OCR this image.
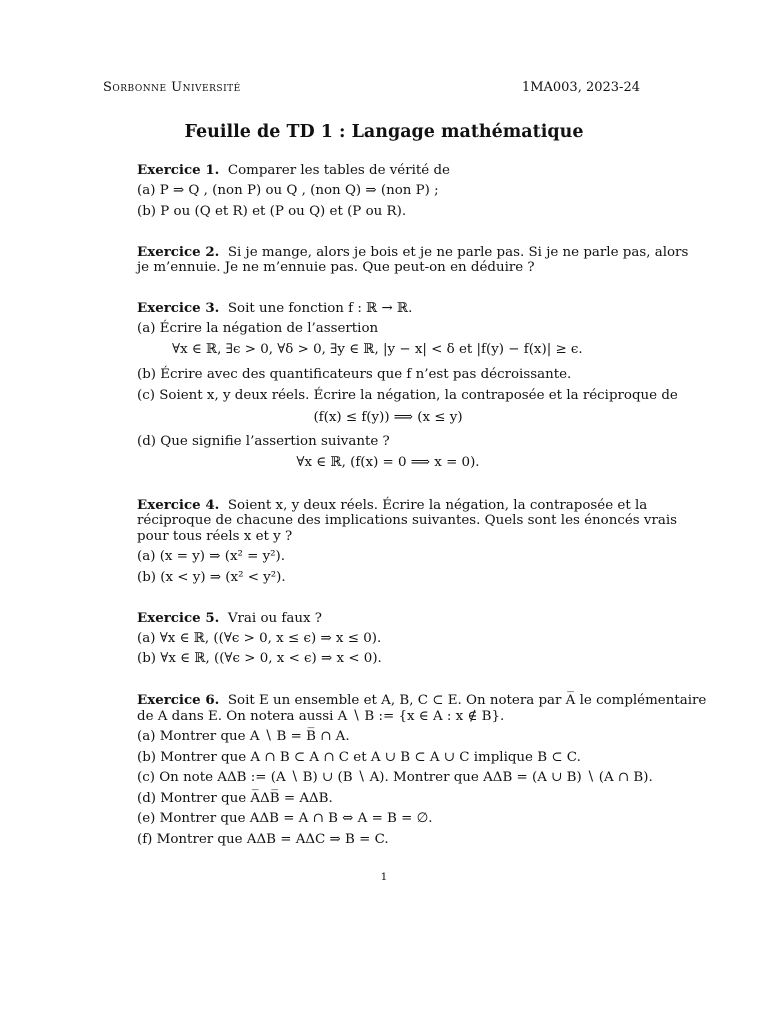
Sorbonne Université	1MA003, 2023-24
Feuille de TD 1 : Langage mathématique
Exercice 1. Comparer les tables de vérité de
(a) P ⇒ Q , (non P) ou Q , (non Q) ⇒ (non P) ;
(b) P ou (Q et R) et (P ou Q) et (P ou R).
Exercice 2. Si je mange, alors je bois et je ne parle pas. Si je ne parle pas, alors
je m’ennuie. Je ne m’ennuie pas. Que peut-on en déduire ?
Exercice 3. Soit une fonction f : ℝ → ℝ.
(a) Écrire la négation de l’assertion
∀x ∈ ℝ, ∃ϵ > 0, ∀δ > 0, ∃y ∈ ℝ, |y − x| < δ et |f(y) − f(x)| ≥ ϵ.
(b) Écrire avec des quantificateurs que f n’est pas décroissante.
(c) Soient x, y deux réels. Écrire la négation, la contraposée et la réciproque de
(f(x) ≤ f(y)) ⟹ (x ≤ y)
(d) Que signifie l’assertion suivante ?
∀x ∈ ℝ, (f(x) = 0 ⟹ x = 0).
Exercice 4. Soient x, y deux réels. Écrire la négation, la contraposée et la
réciproque de chacune des implications suivantes. Quels sont les énoncés vrais
pour tous réels x et y ?
(a) (x = y) ⇒ (x² = y²).
(b) (x < y) ⇒ (x² < y²).
Exercice 5. Vrai ou faux ?
(a) ∀x ∈ ℝ, ((∀ϵ > 0, x ≤ ϵ) ⇒ x ≤ 0).
(b) ∀x ∈ ℝ, ((∀ϵ > 0, x < ϵ) ⇒ x < 0).
Exercice 6. Soit E un ensemble et A, B, C ⊂ E. On notera par A̅ le complémentaire
de A dans E. On notera aussi A ∖ B := {x ∈ A : x ∉ B}.
(a) Montrer que A ∖ B = B̅ ∩ A.
(b) Montrer que A ∩ B ⊂ A ∩ C et A ∪ B ⊂ A ∪ C implique B ⊂ C.
(c) On note AΔB := (A ∖ B) ∪ (B ∖ A). Montrer que AΔB = (A ∪ B) ∖ (A ∩ B).
(d) Montrer que A̅ΔB̅ = AΔB.
(e) Montrer que AΔB = A ∩ B ⇔ A = B = ∅.
(f) Montrer que AΔB = AΔC ⇒ B = C.
1
